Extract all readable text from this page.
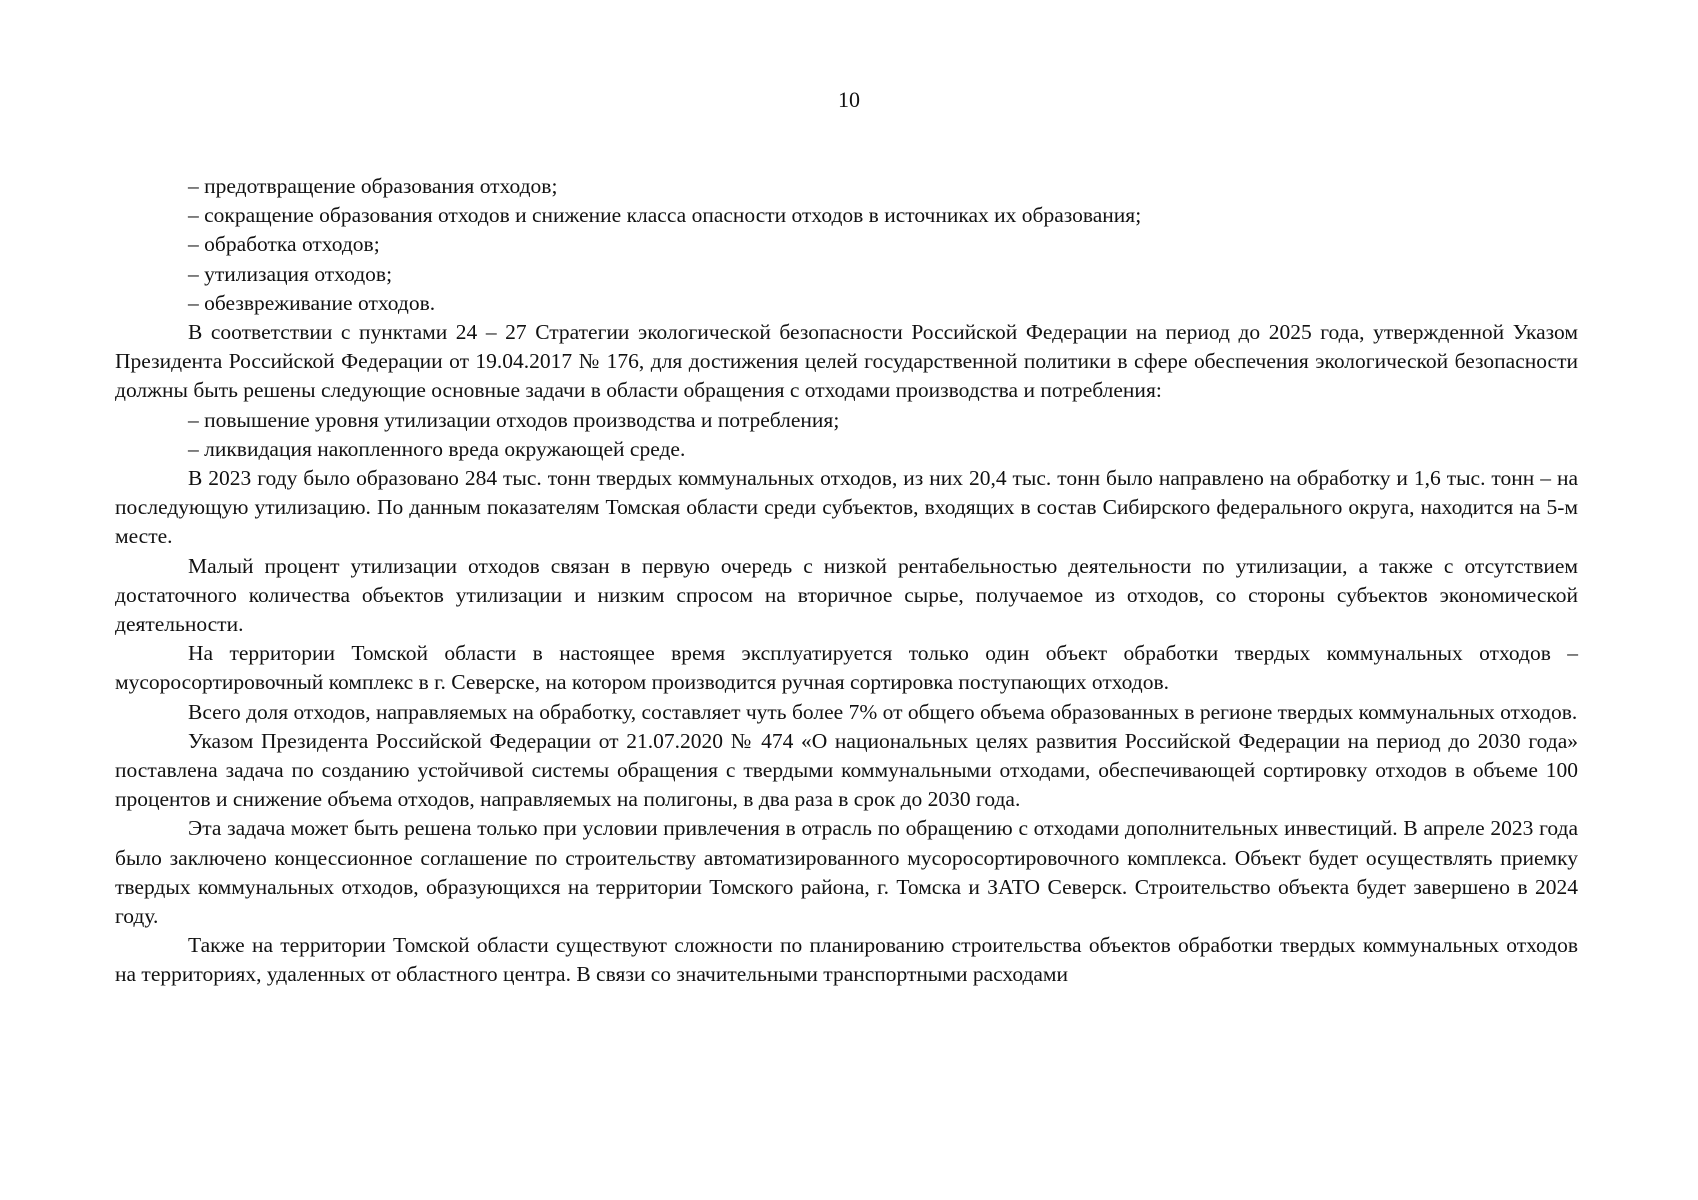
10

– предотвращение образования отходов;

– сокращение образования отходов и снижение класса опасности отходов в источниках их образования;

– обработка отходов;

– утилизация отходов;

– обезвреживание отходов.

В соответствии с пунктами 24 – 27 Стратегии экологической безопасности Российской Федерации на период до 2025 года, утвержденной Указом Президента Российской Федерации от 19.04.2017 № 176, для достижения целей государственной политики в сфере обеспечения экологической безопасности должны быть решены следующие основные задачи в области обращения с отходами производства и потребления:

– повышение уровня утилизации отходов производства и потребления;

– ликвидация накопленного вреда окружающей среде.

В 2023 году было образовано 284 тыс. тонн твердых коммунальных отходов, из них 20,4 тыс. тонн было направлено на обработку и 1,6 тыс. тонн – на последующую утилизацию. По данным показателям Томская области среди субъектов, входящих в состав Сибирского федерального округа, находится на 5-м месте.

Малый процент утилизации отходов связан в первую очередь с низкой рентабельностью деятельности по утилизации, а также с отсутствием достаточного количества объектов утилизации и низким спросом на вторичное сырье, получаемое из отходов, со стороны субъектов экономической деятельности.

На территории Томской области в настоящее время эксплуатируется только один объект обработки твердых коммунальных отходов – мусоросортировочный комплекс в г. Северске, на котором производится ручная сортировка поступающих отходов.

Всего доля отходов, направляемых на обработку, составляет чуть более 7% от общего объема образованных в регионе твердых коммунальных отходов.

Указом Президента Российской Федерации от 21.07.2020 № 474 «О национальных целях развития Российской Федерации на период до 2030 года» поставлена задача по созданию устойчивой системы обращения с твердыми коммунальными отходами, обеспечивающей сортировку отходов в объеме 100 процентов и снижение объема отходов, направляемых на полигоны, в два раза в срок до 2030 года.

Эта задача может быть решена только при условии привлечения в отрасль по обращению с отходами дополнительных инвестиций. В апреле 2023 года было заключено концессионное соглашение по строительству автоматизированного мусоросортировочного комплекса. Объект будет осуществлять приемку твердых коммунальных отходов, образующихся на территории Томского района, г. Томска и ЗАТО Северск. Строительство объекта будет завершено в 2024 году.

Также на территории Томской области существуют сложности по планированию строительства объектов обработки твердых коммунальных отходов на территориях, удаленных от областного центра. В связи со значительными транспортными расходами
